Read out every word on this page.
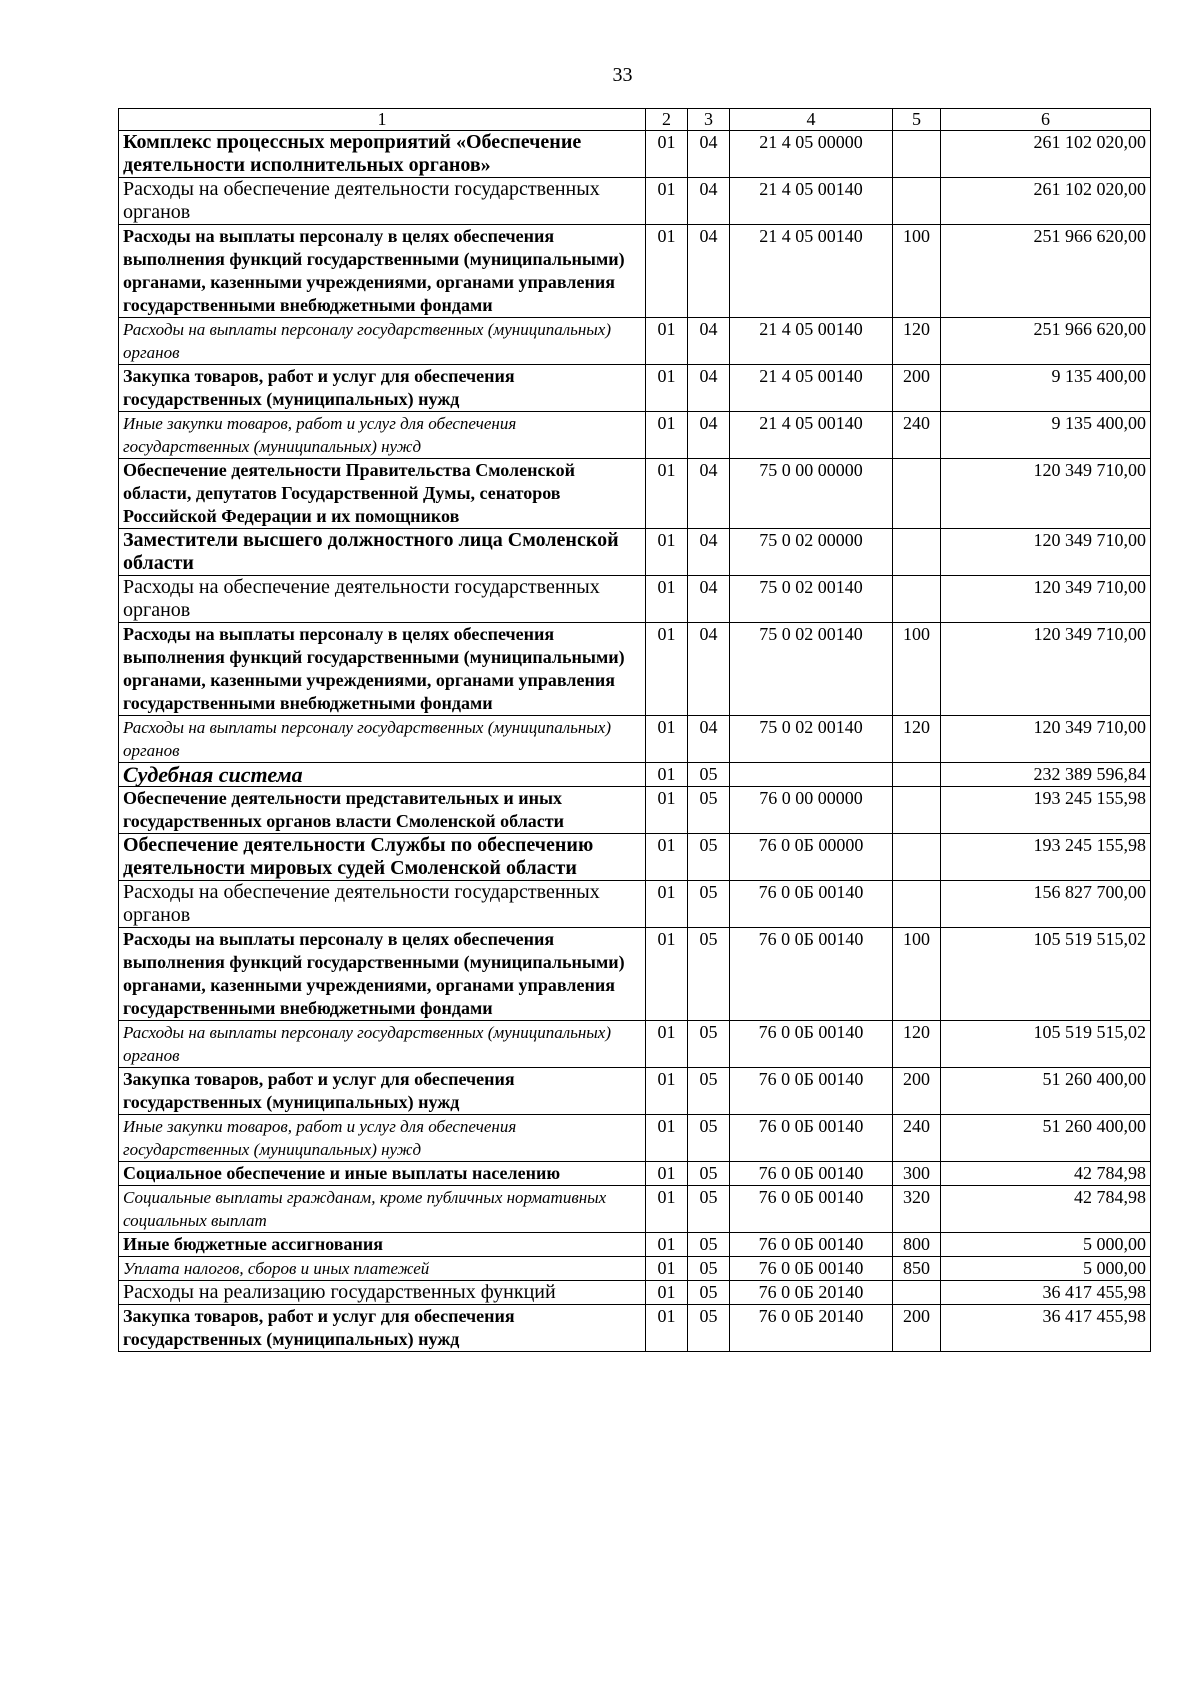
33
1	2	3	4	5	6
Комплекс процессных мероприятий «Обеспечение деятельности исполнительных органов»	01	04	21 4 05 00000		261 102 020,00
Расходы на обеспечение деятельности государственных органов	01	04	21 4 05 00140		261 102 020,00
Расходы на выплаты персоналу в целях обеспечения выполнения функций государственными (муниципальными) органами, казенными учреждениями, органами управления государственными внебюджетными фондами	01	04	21 4 05 00140	100	251 966 620,00
Расходы на выплаты персоналу государственных (муниципальных) органов	01	04	21 4 05 00140	120	251 966 620,00
Закупка товаров, работ и услуг для обеспечения государственных (муниципальных) нужд	01	04	21 4 05 00140	200	9 135 400,00
Иные закупки товаров, работ и услуг для обеспечения государственных (муниципальных) нужд	01	04	21 4 05 00140	240	9 135 400,00
Обеспечение деятельности Правительства Смоленской области, депутатов Государственной Думы, сенаторов Российской Федерации и их помощников	01	04	75 0 00 00000		120 349 710,00
Заместители высшего должностного лица Смоленской области	01	04	75 0 02 00000		120 349 710,00
Расходы на обеспечение деятельности государственных органов	01	04	75 0 02 00140		120 349 710,00
Расходы на выплаты персоналу в целях обеспечения выполнения функций государственными (муниципальными) органами, казенными учреждениями, органами управления государственными внебюджетными фондами	01	04	75 0 02 00140	100	120 349 710,00
Расходы на выплаты персоналу государственных (муниципальных) органов	01	04	75 0 02 00140	120	120 349 710,00
Судебная система	01	05			232 389 596,84
Обеспечение деятельности представительных и иных государственных органов власти Смоленской области	01	05	76 0 00 00000		193 245 155,98
Обеспечение деятельности Службы по обеспечению деятельности мировых судей Смоленской области	01	05	76 0 0Б 00000		193 245 155,98
Расходы на обеспечение деятельности государственных органов	01	05	76 0 0Б 00140		156 827 700,00
Расходы на выплаты персоналу в целях обеспечения выполнения функций государственными (муниципальными) органами, казенными учреждениями, органами управления государственными внебюджетными фондами	01	05	76 0 0Б 00140	100	105 519 515,02
Расходы на выплаты персоналу государственных (муниципальных) органов	01	05	76 0 0Б 00140	120	105 519 515,02
Закупка товаров, работ и услуг для обеспечения государственных (муниципальных) нужд	01	05	76 0 0Б 00140	200	51 260 400,00
Иные закупки товаров, работ и услуг для обеспечения государственных (муниципальных) нужд	01	05	76 0 0Б 00140	240	51 260 400,00
Социальное обеспечение и иные выплаты населению	01	05	76 0 0Б 00140	300	42 784,98
Социальные выплаты гражданам, кроме публичных нормативных социальных выплат	01	05	76 0 0Б 00140	320	42 784,98
Иные бюджетные ассигнования	01	05	76 0 0Б 00140	800	5 000,00
Уплата налогов, сборов и иных платежей	01	05	76 0 0Б 00140	850	5 000,00
Расходы на реализацию государственных функций	01	05	76 0 0Б 20140		36 417 455,98
Закупка товаров, работ и услуг для обеспечения государственных (муниципальных) нужд	01	05	76 0 0Б 20140	200	36 417 455,98
